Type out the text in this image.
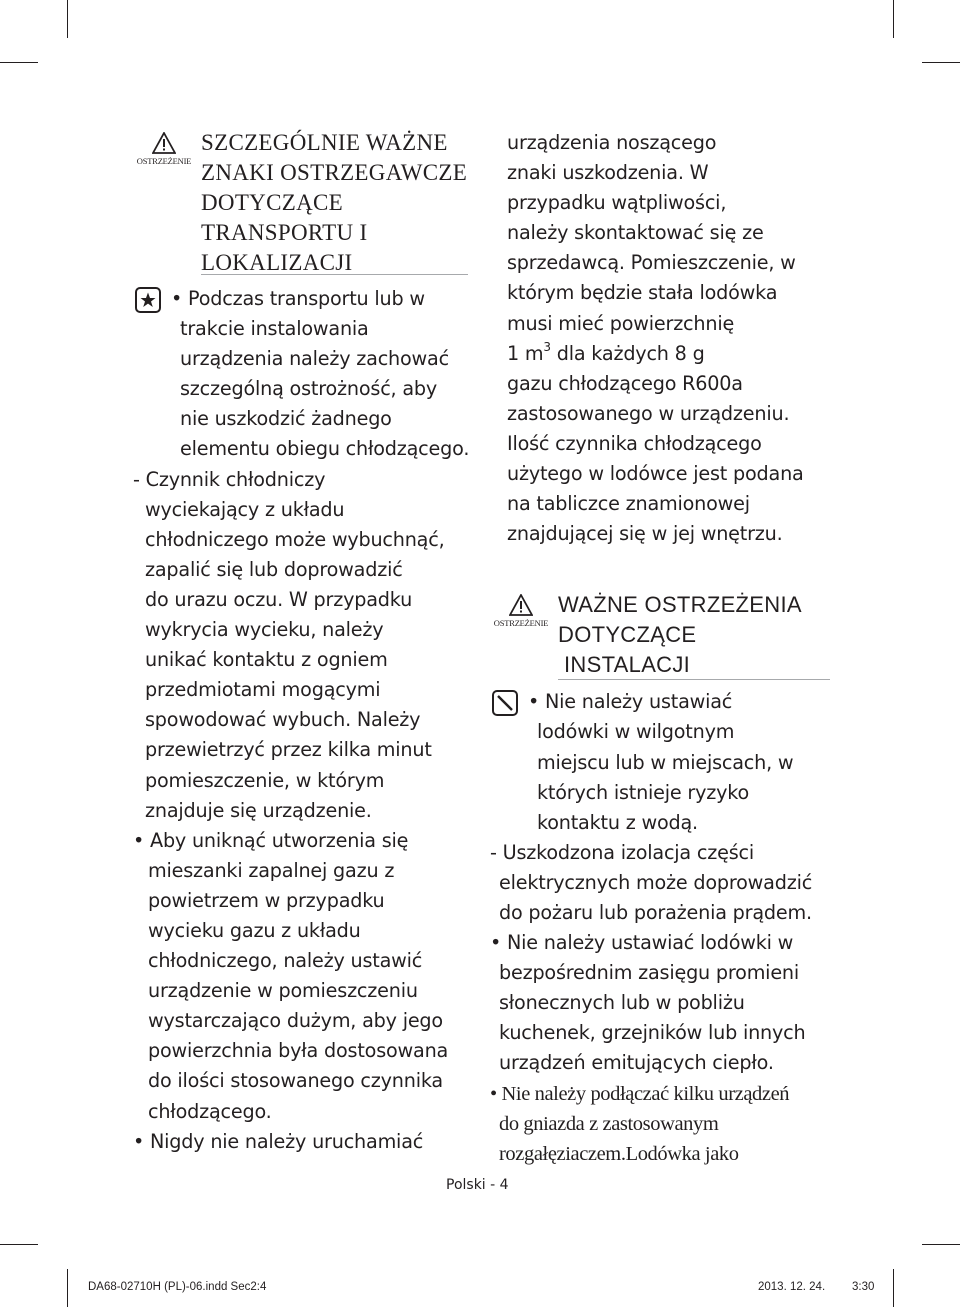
OSTRZEŻENIE
SZCZEGÓLNIE WAŻNE
ZNAKI OSTRZEGAWCZE
DOTYCZĄCE
TRANSPORTU I
LOKALIZACJI
• Podczas transportu lub w
trakcie instalowania
urządzenia należy zachować
szczególną ostrożność, aby
nie uszkodzić żadnego
elementu obiegu chłodzącego.
- Czynnik chłodniczy
wyciekający z układu
chłodniczego może wybuchnąć,
zapalić się lub doprowadzić
do urazu oczu. W przypadku
wykrycia wycieku, należy
unikać kontaktu z ogniem
przedmiotami mogącymi
spowodować wybuch. Należy
przewietrzyć przez kilka minut
pomieszczenie, w którym
znajduje się urządzenie.
• Aby uniknąć utworzenia się
mieszanki zapalnej gazu z
powietrzem w przypadku
wycieku gazu z układu
chłodniczego, należy ustawić
urządzenie w pomieszczeniu
wystarczająco dużym, aby jego
powierzchnia była dostosowana
do ilości stosowanego czynnika
chłodzącego.
• Nigdy nie należy uruchamiać
urządzenia noszącego
znaki uszkodzenia. W
przypadku wątpliwości,
należy skontaktować się ze
sprzedawcą. Pomieszczenie, w
którym będzie stała lodówka
musi mieć powierzchnię
1 $m^3$ dla każdych 8 g
gazu chłodzącego R600a
zastosowanego w urządzeniu.
Ilość czynnika chłodzącego
użytego w lodówce jest podana
na tabliczce znamionowej
znajdującej się w jej wnętrzu.
OSTRZEŻENIE
WAŻNE OSTRZEŻENIA
DOTYCZĄCE
INSTALACJI
• Nie należy ustawiać
lodówki w wilgotnym
miejscu lub w miejscach, w
których istnieje ryzyko
kontaktu z wodą.
- Uszkodzona izolacja części
elektrycznych może doprowadzić
do pożaru lub porażenia prądem.
• Nie należy ustawiać lodówki w
bezpośrednim zasięgu promieni
słonecznych lub w pobliżu
kuchenek, grzejników lub innych
urządzeń emitujących ciepło.
• Nie należy podłączać kilku urządzeń
do gniazda z zastosowanym
rozgałęziaczem.Lodówka jako
Polski - 4
DA68-02710H (PL)-06.indd Sec2:4	2013. 12. 24. 3:30
